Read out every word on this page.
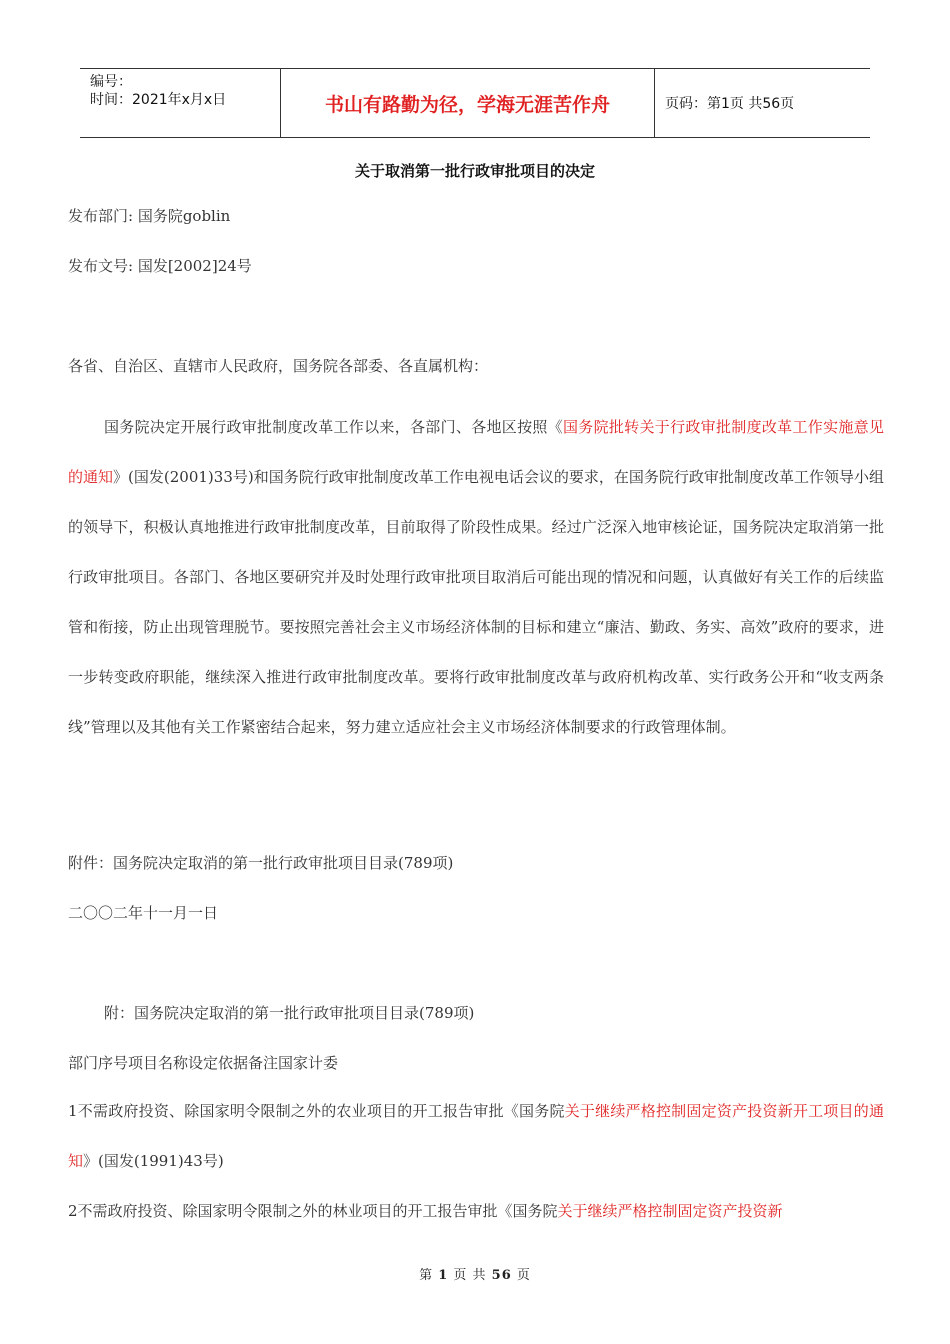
编号：
时间：2021年x月x日	书山有路勤为径，学海无涯苦作舟	页码：第1页 共56页
关于取消第一批行政审批项目的决定
发布部门: 国务院goblin
发布文号: 国发[2002]24号
各省、自治区、直辖市人民政府，国务院各部委、各直属机构：
国务院决定开展行政审批制度改革工作以来，各部门、各地区按照《国务院批转关于行政审批制度改革工作实施意见的通知》(国发(2001)33号)和国务院行政审批制度改革工作电视电话会议的要求，在国务院行政审批制度改革工作领导小组的领导下，积极认真地推进行政审批制度改革，目前取得了阶段性成果。经过广泛深入地审核论证，国务院决定取消第一批行政审批项目。各部门、各地区要研究并及时处理行政审批项目取消后可能出现的情况和问题，认真做好有关工作的后续监管和衔接，防止出现管理脱节。要按照完善社会主义市场经济体制的目标和建立“廉洁、勤政、务实、高效”政府的要求，进一步转变政府职能，继续深入推进行政审批制度改革。要将行政审批制度改革与政府机构改革、实行政务公开和“收支两条线”管理以及其他有关工作紧密结合起来，努力建立适应社会主义市场经济体制要求的行政管理体制。
附件：国务院决定取消的第一批行政审批项目目录(789项)
二〇〇二年十一月一日
附：国务院决定取消的第一批行政审批项目目录(789项)
部门序号项目名称设定依据备注国家计委
1不需政府投资、除国家明令限制之外的农业项目的开工报告审批《国务院关于继续严格控制固定资产投资新开工项目的通知》(国发(1991)43号)
2不需政府投资、除国家明令限制之外的林业项目的开工报告审批《国务院关于继续严格控制固定资产投资新
第 1 页 共 56 页
